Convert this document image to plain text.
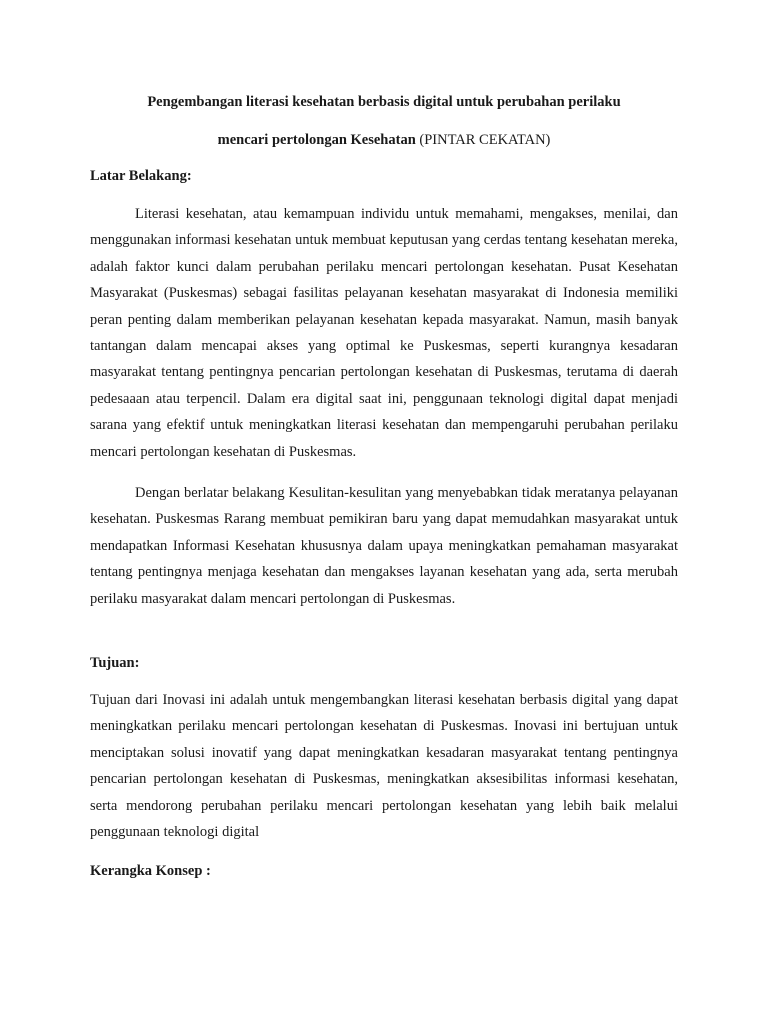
Pengembangan literasi kesehatan berbasis digital untuk perubahan perilaku

mencari pertolongan Kesehatan (PINTAR CEKATAN)

Latar Belakang:

Literasi kesehatan, atau kemampuan individu untuk memahami, mengakses, menilai, dan menggunakan informasi kesehatan untuk membuat keputusan yang cerdas tentang kesehatan mereka, adalah faktor kunci dalam perubahan perilaku mencari pertolongan kesehatan. Pusat Kesehatan Masyarakat (Puskesmas) sebagai fasilitas pelayanan kesehatan masyarakat di Indonesia memiliki peran penting dalam memberikan pelayanan kesehatan kepada masyarakat. Namun, masih banyak tantangan dalam mencapai akses yang optimal ke Puskesmas, seperti kurangnya kesadaran masyarakat tentang pentingnya pencarian pertolongan kesehatan di Puskesmas, terutama di daerah pedesaaan atau terpencil. Dalam era digital saat ini, penggunaan teknologi digital dapat menjadi sarana yang efektif untuk meningkatkan literasi kesehatan dan mempengaruhi perubahan perilaku mencari pertolongan kesehatan di Puskesmas.

Dengan berlatar belakang Kesulitan-kesulitan yang menyebabkan tidak meratanya pelayanan kesehatan. Puskesmas Rarang membuat pemikiran baru yang dapat memudahkan masyarakat untuk mendapatkan Informasi Kesehatan khususnya dalam upaya meningkatkan pemahaman masyarakat tentang pentingnya menjaga kesehatan dan mengakses layanan kesehatan yang ada, serta merubah perilaku masyarakat dalam mencari pertolongan di Puskesmas.

Tujuan:

Tujuan dari Inovasi ini adalah untuk mengembangkan literasi kesehatan berbasis digital yang dapat meningkatkan perilaku mencari pertolongan kesehatan di Puskesmas. Inovasi ini bertujuan untuk menciptakan solusi inovatif yang dapat meningkatkan kesadaran masyarakat tentang pentingnya pencarian pertolongan kesehatan di Puskesmas, meningkatkan aksesibilitas informasi kesehatan, serta mendorong perubahan perilaku mencari pertolongan kesehatan yang lebih baik melalui penggunaan teknologi digital

Kerangka Konsep :
